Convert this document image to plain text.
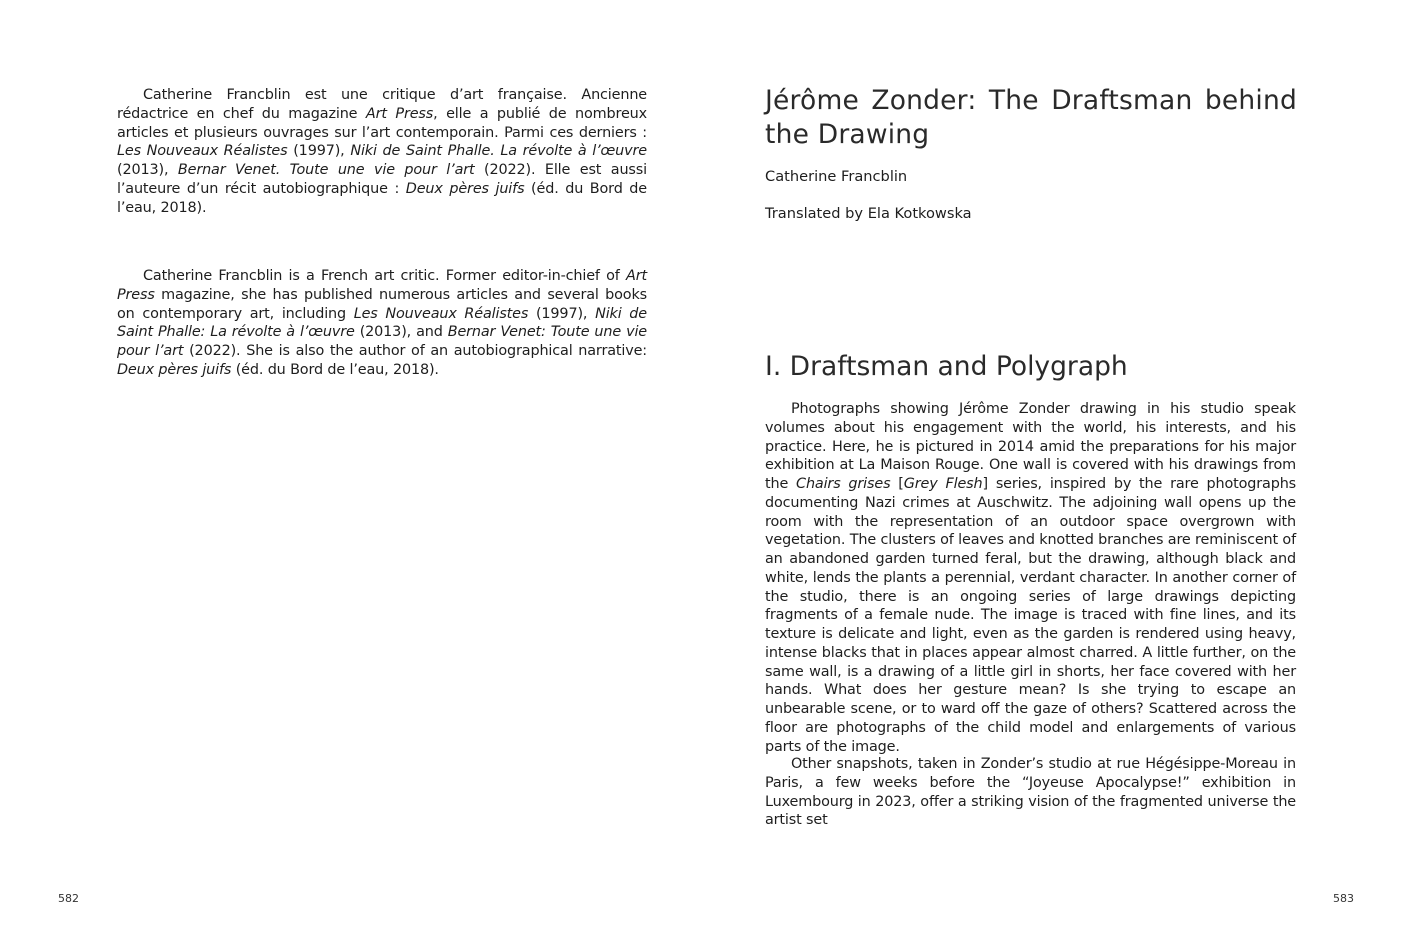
Catherine Francblin est une critique d’art française. Ancienne rédactrice en chef du magazine Art Press, elle a publié de nombreux articles et plusieurs ouvrages sur l’art contemporain. Parmi ces derniers : Les Nouveaux Réalistes (1997), Niki de Saint Phalle. La révolte à l’œuvre (2013), Bernar Venet. Toute une vie pour l’art (2022). Elle est aussi l’auteure d’un récit autobiographique : Deux pères juifs (éd. du Bord de l’eau, 2018).

Catherine Francblin is a French art critic. Former editor-in-chief of Art Press magazine, she has published numerous articles and several books on contemporary art, including Les Nouveaux Réalistes (1997), Niki de Saint Phalle: La révolte à l’œuvre (2013), and Bernar Venet: Toute une vie pour l’art (2022). She is also the author of an autobiographical narrative: Deux pères juifs (éd. du Bord de l’eau, 2018).

582
Jérôme Zonder: The Draftsman behind the Drawing

Catherine Francblin

Translated by Ela Kotkowska

I. Draftsman and Polygraph

Photographs showing Jérôme Zonder drawing in his studio speak volumes about his engagement with the world, his interests, and his practice. Here, he is pictured in 2014 amid the preparations for his major exhibition at La Maison Rouge. One wall is covered with his drawings from the Chairs grises [Grey Flesh] series, inspired by the rare photographs documenting Nazi crimes at Auschwitz. The adjoining wall opens up the room with the representation of an outdoor space overgrown with vegetation. The clusters of leaves and knotted branches are reminiscent of an abandoned garden turned feral, but the drawing, although black and white, lends the plants a perennial, verdant character. In another corner of the studio, there is an ongoing series of large drawings depicting fragments of a female nude. The image is traced with fine lines, and its texture is delicate and light, even as the garden is rendered using heavy, intense blacks that in places appear almost charred. A little further, on the same wall, is a drawing of a little girl in shorts, her face covered with her hands. What does her gesture mean? Is she trying to escape an unbearable scene, or to ward off the gaze of others? Scattered across the floor are photographs of the child model and enlargements of various parts of the image.

Other snapshots, taken in Zonder’s studio at rue Hégésippe-Moreau in Paris, a few weeks before the “Joyeuse Apocalypse!” exhibition in Luxembourg in 2023, offer a striking vision of the fragmented universe the artist set

583
